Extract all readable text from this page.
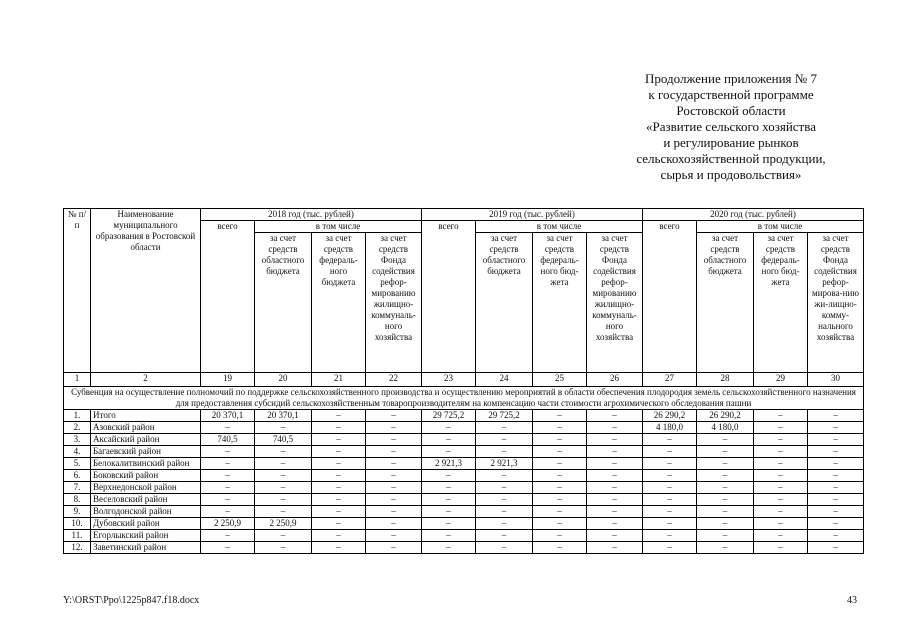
Продолжение приложения № 7
к государственной программе
Ростовской области
«Развитие сельского хозяйства
и регулирование рынков
сельскохозяйственной продукции,
сырья и продовольствия»
№ п/п	Наименование муниципального образования в Ростовской области	2018 год (тыс. рублей)				2019 год (тыс. рублей)				2020 год (тыс. рублей)			
		всего	в том числе			всего	в том числе			всего	в том числе		
			за счет средств областного бюджета	за счет средств федераль-ного бюджета	за счет средств Фонда содействия рефор-мированию жилищно-коммуналь-ного хозяйства		за счет средств областного бюджета	за счет средств федераль-ного бюд-жета	за счет средств Фонда содействия рефор-мированию жилищно-коммуналь-ного хозяйства		за счет средств областного бюджета	за счет средств федераль-ного бюд-жета	за счет средств Фонда содействия рефор-мирова-нию жи-лищно-комму-нального хозяйства
1	2	19	20	21	22	23	24	25	26	27	28	29	30
Субвенция на осуществление полномочий по поддержке сельскохозяйственного производства и осуществлению мероприятий в области обеспечения плодородия земель сельскохозяйственного назначения для предоставления субсидий сельскохозяйственным товаропроизводителям на компенсацию части стоимости агрохимического обследования пашни													
1.	Итого	20 370,1	20 370,1	–	–	29 725,2	29 725,2	–	–	26 290,2	26 290,2	–	–
2.	Азовский район	–	–	–	–	–	–	–	–	4 180,0	4 180,0	–	–
3.	Аксайский район	740,5	740,5	–	–	–	–	–	–	–	–	–	–
4.	Багаевский район	–	–	–	–	–	–	–	–	–	–	–	–
5.	Белокалитвинский район	–	–	–	–	2 921,3	2 921,3	–	–	–	–	–	–
6.	Боковский район	–	–	–	–	–	–	–	–	–	–	–	–
7.	Верхнедонской район	–	–	–	–	–	–	–	–	–	–	–	–
8.	Веселовский район	–	–	–	–	–	–	–	–	–	–	–	–
9.	Волгодонской район	–	–	–	–	–	–	–	–	–	–	–	–
10.	Дубовский район	2 250,9	2 250,9	–	–	–	–	–	–	–	–	–	–
11.	Егорлыкский район	–	–	–	–	–	–	–	–	–	–	–	–
12.	Заветинский район	–	–	–	–	–	–	–	–	–	–	–	–
Y:\ORST\Ppo\1225p847.f18.docx	43
